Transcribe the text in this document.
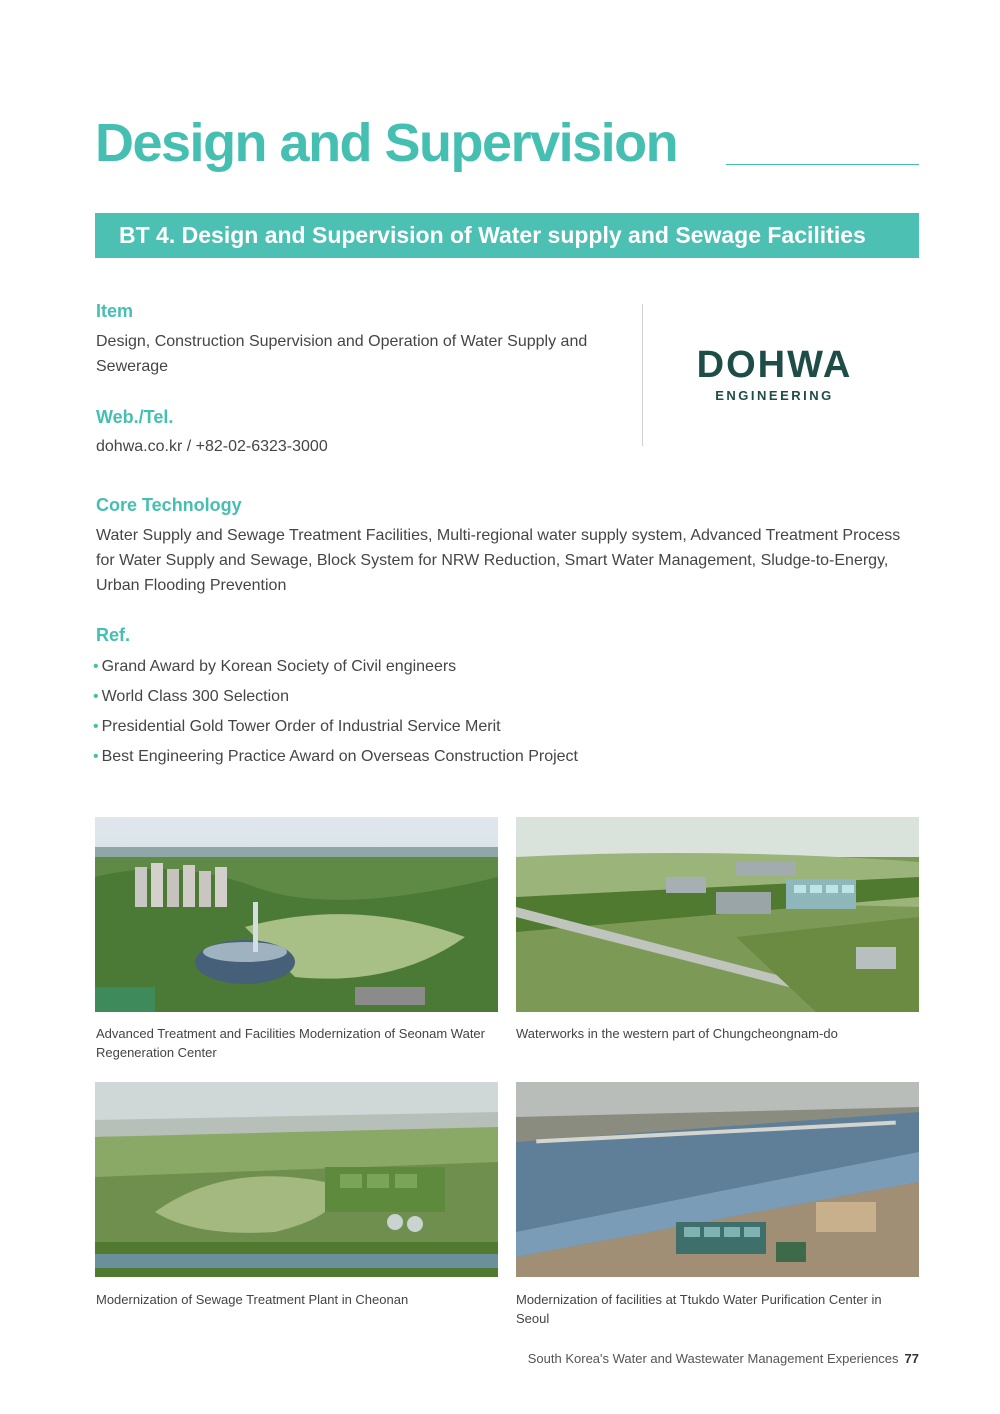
Design and Supervision
BT 4. Design and Supervision of Water supply and Sewage Facilities
Item
Design, Construction Supervision and Operation of Water Supply and Sewerage
Web./Tel.
dohwa.co.kr / +82-02-6323-3000
DOHWA
ENGINEERING
Core Technology
Water Supply and Sewage Treatment Facilities, Multi-regional water supply system, Advanced Treatment Process for Water Supply and Sewage, Block System for NRW Reduction, Smart Water Management, Sludge-to-Energy, Urban Flooding Prevention
Ref.
• Grand Award by Korean Society of Civil engineers
• World Class 300 Selection
• Presidential Gold Tower Order of Industrial Service Merit
• Best Engineering Practice Award on Overseas Construction Project
Advanced Treatment and Facilities Modernization of Seonam Water Regeneration Center
Waterworks in the western part of Chungcheongnam-do
Modernization of Sewage Treatment Plant in Cheonan	Modernization of facilities at Ttukdo Water Purification Center in Seoul
South Korea's Water and Wastewater Management Experiences 77
